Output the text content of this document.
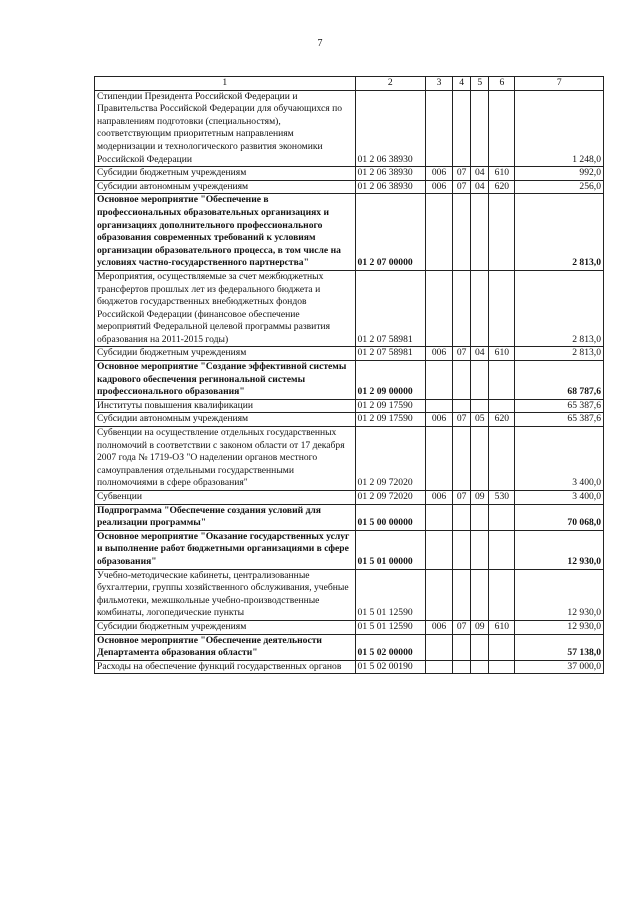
7
1	2	3	4	5	6	7
Стипендии Президента Российской Федерации и Правительства Российской Федерации для обучающихся по направлениям подготовки (специальностям), соответствующим приоритетным направлениям модернизации и технологического развития экономики Российской Федерации	01 2 06 38930					1 248,0
Субсидии бюджетным учреждениям	01 2 06 38930	006	07	04	610	992,0
Субсидии автономным учреждениям	01 2 06 38930	006	07	04	620	256,0
Основное мероприятие "Обеспечение в профессиональных образовательных организациях и организациях дополнительного профессионального образования современных требований к условиям организации образовательного процесса, в том числе на условиях частно-государственного партнерства"	01 2 07 00000					2 813,0
Мероприятия, осуществляемые за счет межбюджетных трансфертов прошлых лет из федерального бюджета и бюджетов государственных внебюджетных фондов Российской Федерации (финансовое обеспечение мероприятий Федеральной целевой программы развития образования на 2011-2015 годы)	01 2 07 58981					2 813,0
Субсидии бюджетным учреждениям	01 2 07 58981	006	07	04	610	2 813,0
Основное мероприятие "Создание эффективной системы кадрового обеспечения регинональной системы профессионального образования"	01 2 09 00000					68 787,6
Институты повышения квалификации	01 2 09 17590					65 387,6
Субсидии автономным учреждениям	01 2 09 17590	006	07	05	620	65 387,6
Субвенции на осуществление отдельных государственных полномочий в соответствии с законом области от 17 декабря 2007 года № 1719-ОЗ "О наделении органов местного самоуправления отдельными государственными полномочиями в сфере образования"	01 2 09 72020					3 400,0
Субвенции	01 2 09 72020	006	07	09	530	3 400,0
Подпрограмма "Обеспечение создания условий для реализации программы"	01 5 00 00000					70 068,0
Основное мероприятие "Оказание государственных услуг и выполнение работ бюджетными организациями в сфере образования"	01 5 01 00000					12 930,0
Учебно-методические кабинеты, централизованные бухгалтерии, группы хозяйственного обслуживания, учебные фильмотеки, межшкольные учебно-производственные комбинаты, логопедические пункты	01 5 01 12590					12 930,0
Субсидии бюджетным учреждениям	01 5 01 12590	006	07	09	610	12 930,0
Основное мероприятие "Обеспечение деятельности Департамента образования области"	01 5 02 00000					57 138,0
Расходы на обеспечение функций государственных органов	01 5 02 00190					37 000,0
